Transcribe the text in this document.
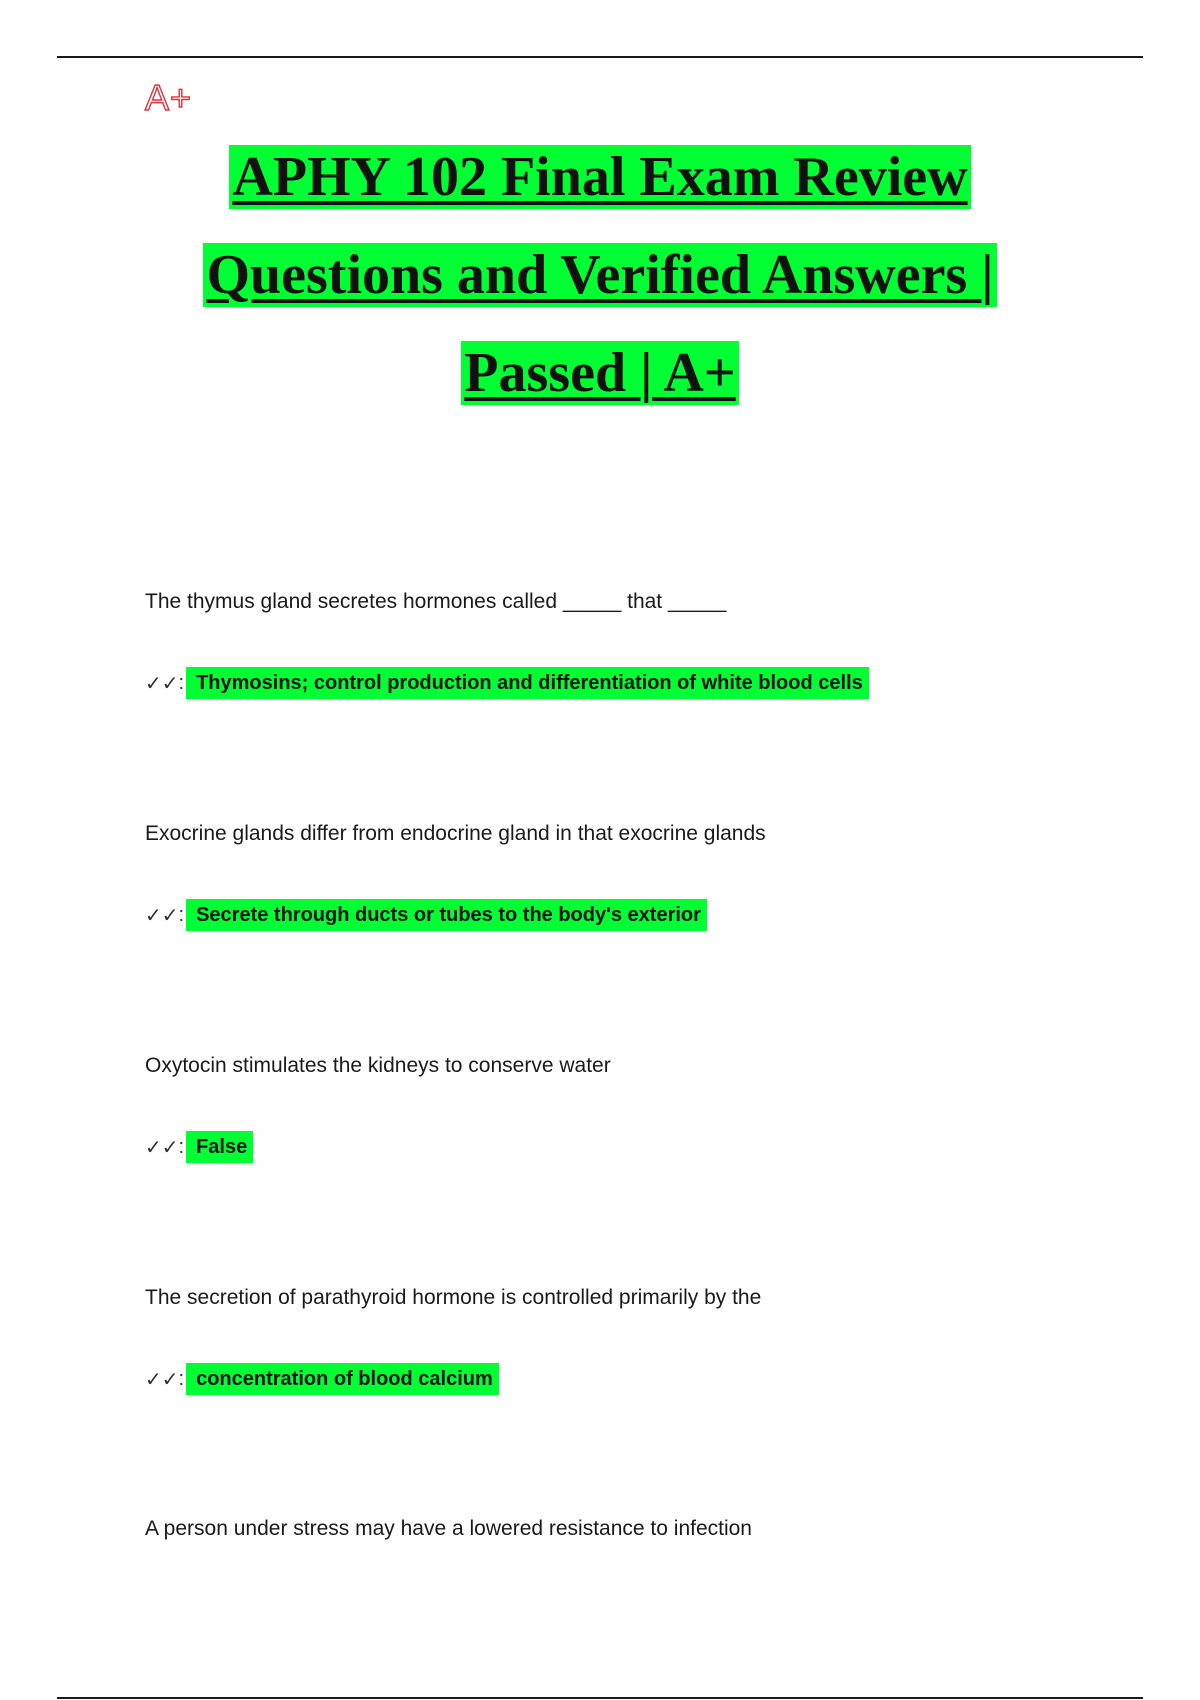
A+
APHY 102 Final Exam Review
Questions and Verified Answers |
Passed | A+
The thymus gland secretes hormones called _____ that _____
✓✓ : Thymosins; control production and differentiation of white blood cells
Exocrine glands differ from endocrine gland in that exocrine glands
✓✓ : Secrete through ducts or tubes to the body's exterior
Oxytocin stimulates the kidneys to conserve water
✓✓ : False
The secretion of parathyroid hormone is controlled primarily by the
✓✓ : concentration of blood calcium
A person under stress may have a lowered resistance to infection
